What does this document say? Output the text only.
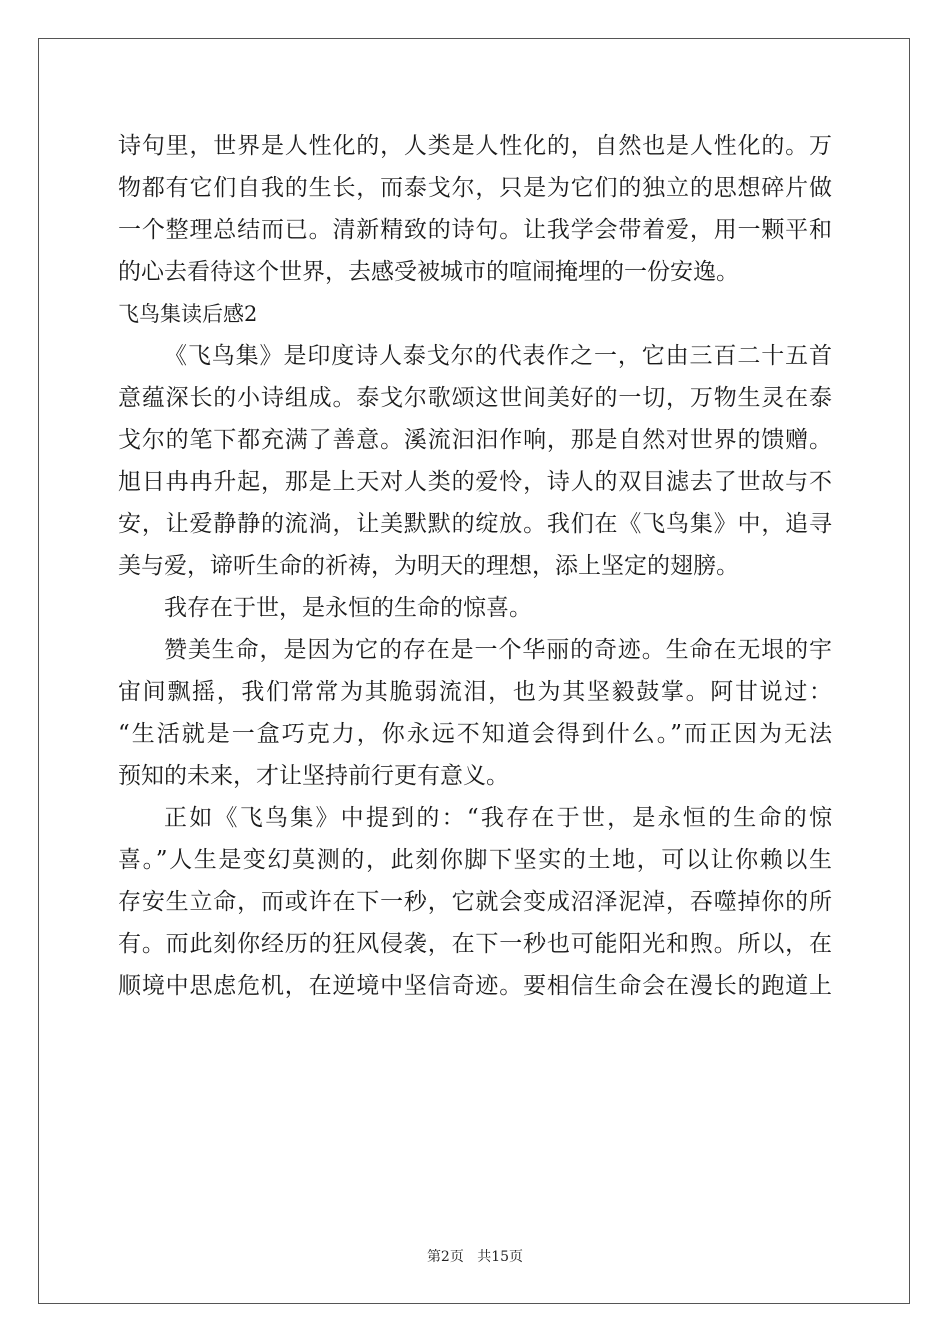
诗句里，世界是人性化的，人类是人性化的，自然也是人性化的。万
物都有它们自我的生长，而泰戈尔，只是为它们的独立的思想碎片做
一个整理总结而已。清新精致的诗句。让我学会带着爱，用一颗平和
的心去看待这个世界，去感受被城市的喧闹掩埋的一份安逸。
飞鸟集读后感2
《飞鸟集》是印度诗人泰戈尔的代表作之一，它由三百二十五首
意蕴深长的小诗组成。泰戈尔歌颂这世间美好的一切，万物生灵在泰
戈尔的笔下都充满了善意。溪流汩汩作响，那是自然对世界的馈赠。
旭日冉冉升起，那是上天对人类的爱怜，诗人的双目滤去了世故与不
安，让爱静静的流淌，让美默默的绽放。我们在《飞鸟集》中，追寻
美与爱，谛听生命的祈祷，为明天的理想，添上坚定的翅膀。
我存在于世，是永恒的生命的惊喜。
赞美生命，是因为它的存在是一个华丽的奇迹。生命在无垠的宇
宙间飘摇，我们常常为其脆弱流泪，也为其坚毅鼓掌。阿甘说过：
“生活就是一盒巧克力，你永远不知道会得到什么。”而正因为无法
预知的未来，才让坚持前行更有意义。
正如《飞鸟集》中提到的：“我存在于世，是永恒的生命的惊
喜。”人生是变幻莫测的，此刻你脚下坚实的土地，可以让你赖以生
存安生立命，而或许在下一秒，它就会变成沼泽泥淖，吞噬掉你的所
有。而此刻你经历的狂风侵袭，在下一秒也可能阳光和煦。所以，在
顺境中思虑危机，在逆境中坚信奇迹。要相信生命会在漫长的跑道上
第2页 共15页
